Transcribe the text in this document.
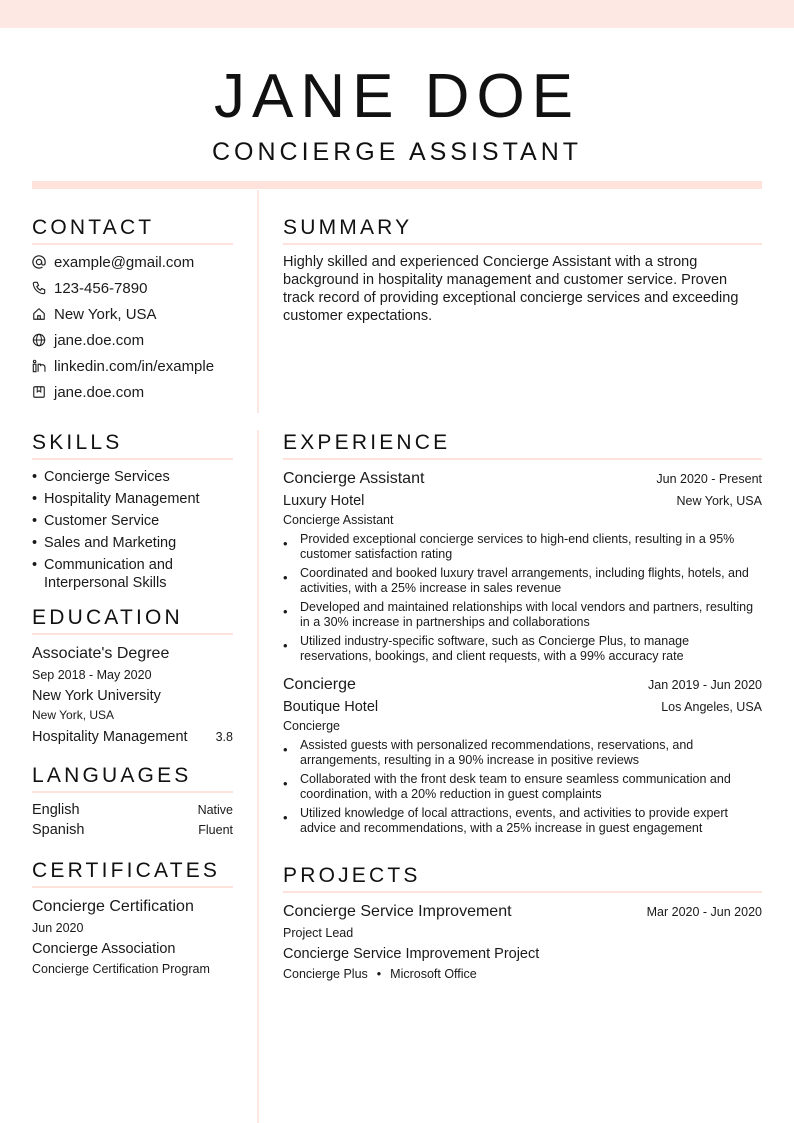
JANE DOE
CONCIERGE ASSISTANT
CONTACT
example@gmail.com
123-456-7890
New York, USA
jane.doe.com
linkedin.com/in/example
jane.doe.com
SUMMARY
Highly skilled and experienced Concierge Assistant with a strong background in hospitality management and customer service. Proven track record of providing exceptional concierge services and exceeding customer expectations.
SKILLS
• Concierge Services
• Hospitality Management
• Customer Service
• Sales and Marketing
• Communication and Interpersonal Skills
EDUCATION
Associate's Degree
Sep 2018 - May 2020
New York University
New York, USA
Hospitality Management 3.8
LANGUAGES
English	Native
Spanish	Fluent
CERTIFICATES
Concierge Certification
Jun 2020
Concierge Association
Concierge Certification Program
EXPERIENCE
Concierge Assistant	Jun 2020 - Present
Luxury Hotel	New York, USA
Concierge Assistant
• Provided exceptional concierge services to high-end clients, resulting in a 95% customer satisfaction rating
• Coordinated and booked luxury travel arrangements, including flights, hotels, and activities, with a 25% increase in sales revenue
• Developed and maintained relationships with local vendors and partners, resulting in a 30% increase in partnerships and collaborations
• Utilized industry-specific software, such as Concierge Plus, to manage reservations, bookings, and client requests, with a 99% accuracy rate
Concierge	Jan 2019 - Jun 2020
Boutique Hotel	Los Angeles, USA
Concierge
• Assisted guests with personalized recommendations, reservations, and arrangements, resulting in a 90% increase in positive reviews
• Collaborated with the front desk team to ensure seamless communication and coordination, with a 20% reduction in guest complaints
• Utilized knowledge of local attractions, events, and activities to provide expert advice and recommendations, with a 25% increase in guest engagement
PROJECTS
Concierge Service Improvement	Mar 2020 - Jun 2020
Project Lead
Concierge Service Improvement Project
Concierge Plus • Microsoft Office
